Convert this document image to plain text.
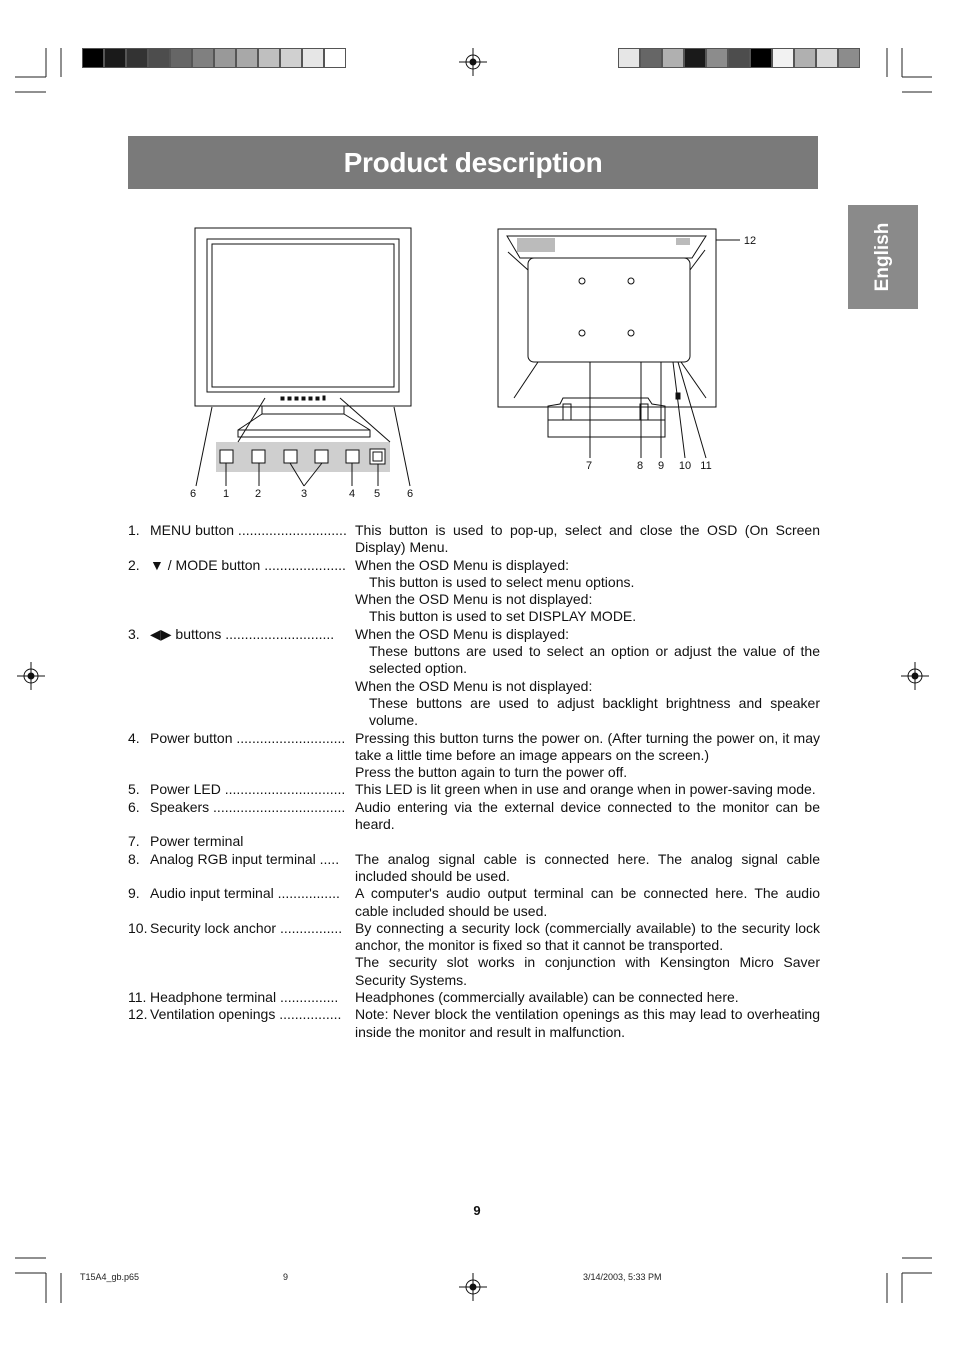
Product description
English
6 1 2	3	4 5 6
7	8 9 10 11
12
1. MENU button ............................ This button is used to pop-up, select and close the OSD (On Screen Display) Menu.
2. ▼ / MODE button ..................... When the OSD Menu is displayed:
This button is used to select menu options.
When the OSD Menu is not displayed:
This button is used to set DISPLAY MODE.
3. ◀▶ buttons ............................	When the OSD Menu is displayed:
These buttons are used to select an option or adjust the value of the selected option.
When the OSD Menu is not displayed:
These buttons are used to adjust backlight brightness and speaker volume.
4. Power button ............................ Pressing this button turns the power on. (After turning the power on, it may take a little time before an image appears on the screen.)
Press the button again to turn the power off.
5. Power LED ............................... This LED is lit green when in use and orange when in power-saving mode.
6. Speakers .................................. Audio entering via the external device connected to the monitor can be heard.
7. Power terminal
8. Analog RGB input terminal .....	The analog signal cable is connected here. The analog signal cable included should be used.
9. Audio input terminal ................	A computer's audio output terminal can be connected here. The audio cable included should be used.
10. Security lock anchor ................ By connecting a security lock (commercially available) to the security lock anchor, the monitor is fixed so that it cannot be transported.
The security slot works in conjunction with Kensington Micro Saver Security Systems.
11. Headphone terminal ...............	Headphones (commercially available) can be connected here.
12. Ventilation openings ................ Note: Never block the ventilation openings as this may lead to overheating inside the monitor and result in malfunction.
9
T15A4_gb.p65	9	3/14/2003, 5:33 PM
